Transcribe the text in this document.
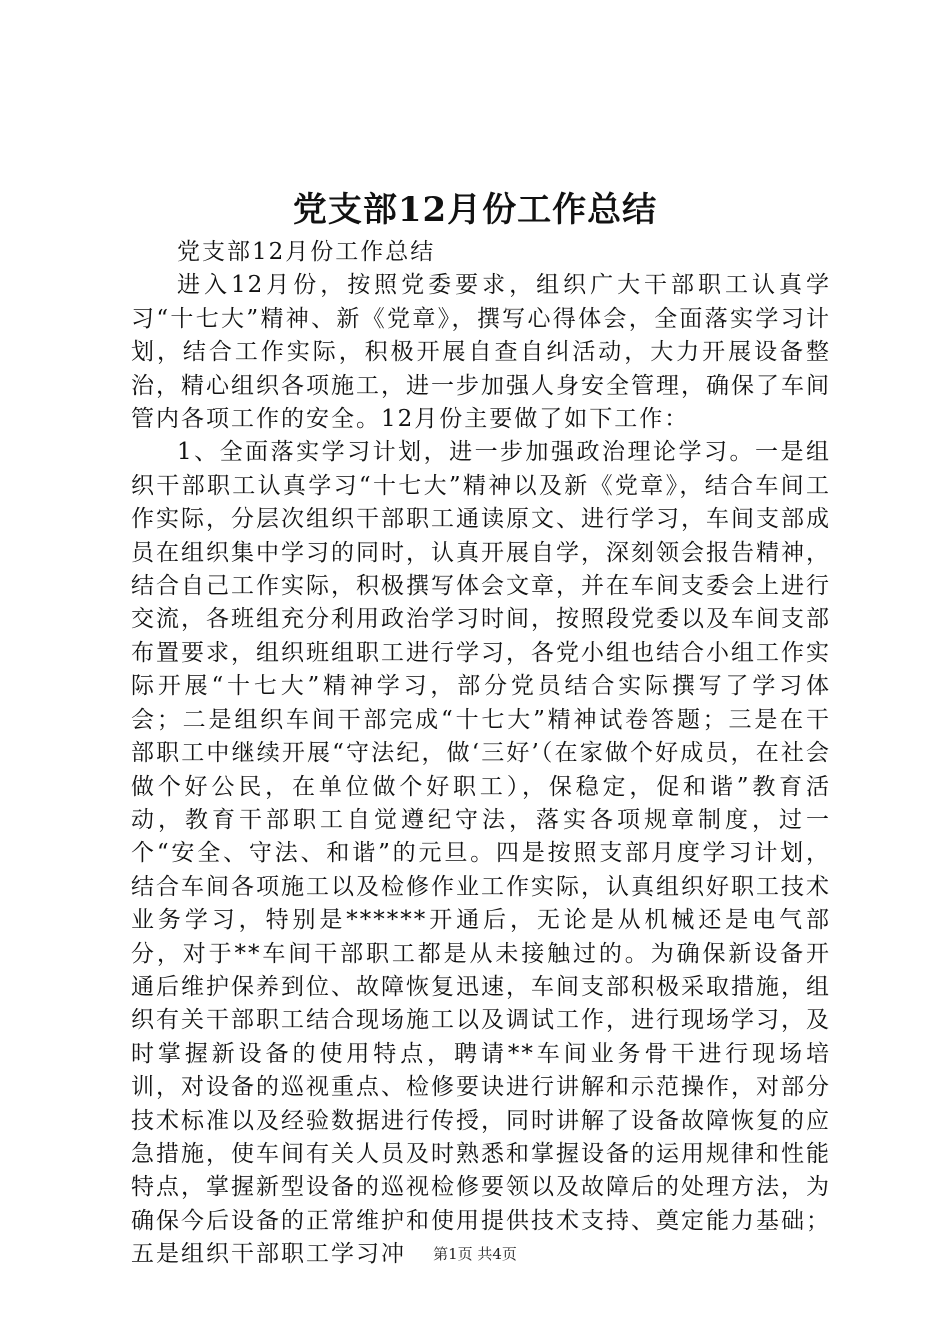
党支部12月份工作总结

党支部12月份工作总结

进入12月份，按照党委要求，组织广大干部职工认真学习“十七大”精神、新《党章》，撰写心得体会，全面落实学习计划，结合工作实际，积极开展自查自纠活动，大力开展设备整治，精心组织各项施工，进一步加强人身安全管理，确保了车间管内各项工作的安全。12月份主要做了如下工作：

1、全面落实学习计划，进一步加强政治理论学习。一是组织干部职工认真学习“十七大”精神以及新《党章》，结合车间工作实际，分层次组织干部职工通读原文、进行学习，车间支部成员在组织集中学习的同时，认真开展自学，深刻领会报告精神，结合自己工作实际，积极撰写体会文章，并在车间支委会上进行交流，各班组充分利用政治学习时间，按照段党委以及车间支部布置要求，组织班组职工进行学习，各党小组也结合小组工作实际开展“十七大”精神学习，部分党员结合实际撰写了学习体会；二是组织车间干部完成“十七大”精神试卷答题；三是在干部职工中继续开展“守法纪，做‘三好’（在家做个好成员，在社会做个好公民，在单位做个好职工），保稳定，促和谐”教育活动，教育干部职工自觉遵纪守法，落实各项规章制度，过一个“安全、守法、和谐”的元旦。四是按照支部月度学习计划，结合车间各项施工以及检修作业工作实际，认真组织好职工技术业务学习，特别是******开通后，无论是从机械还是电气部分，对于**车间干部职工都是从未接触过的。为确保新设备开通后维护保养到位、故障恢复迅速，车间支部积极采取措施，组织有关干部职工结合现场施工以及调试工作，进行现场学习，及时掌握新设备的使用特点，聘请**车间业务骨干进行现场培训，对设备的巡视重点、检修要诀进行讲解和示范操作，对部分技术标准以及经验数据进行传授，同时讲解了设备故障恢复的应急措施，使车间有关人员及时熟悉和掌握设备的运用规律和性能特点，掌握新型设备的巡视检修要领以及故障后的处理方法，为确保今后设备的正常维护和使用提供技术支持、奠定能力基础；五是组织干部职工学习冲	第1页 共4页
